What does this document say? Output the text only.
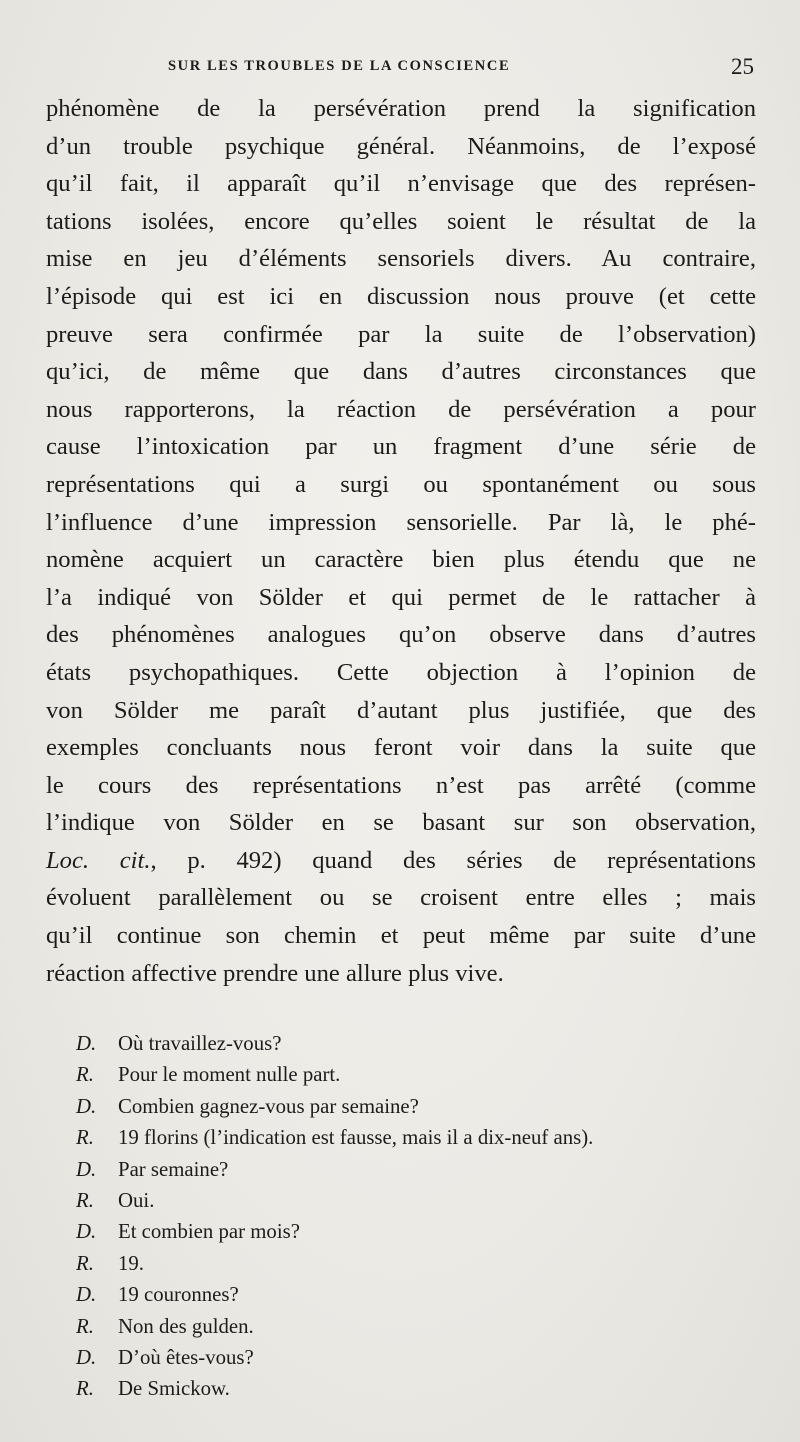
SUR LES TROUBLES DE LA CONSCIENCE	25
phénomène de la persévération prend la signification
d’un trouble psychique général. Néanmoins, de l’exposé
qu’il fait, il apparaît qu’il n’envisage que des représen-
tations isolées, encore qu’elles soient le résultat de la
mise en jeu d’éléments sensoriels divers. Au contraire,
l’épisode qui est ici en discussion nous prouve (et cette
preuve sera confirmée par la suite de l’observation)
qu’ici, de même que dans d’autres circonstances que
nous rapporterons, la réaction de persévération a pour
cause l’intoxication par un fragment d’une série de
représentations qui a surgi ou spontanément ou sous
l’influence d’une impression sensorielle. Par là, le phé-
nomène acquiert un caractère bien plus étendu que ne
l’a indiqué von Sölder et qui permet de le rattacher à
des phénomènes analogues qu’on observe dans d’autres
états psychopathiques. Cette objection à l’opinion de
von Sölder me paraît d’autant plus justifiée, que des
exemples concluants nous feront voir dans la suite que
le cours des représentations n’est pas arrêté (comme
l’indique von Sölder en se basant sur son observation,
Loc. cit., p. 492) quand des séries de représentations
évoluent parallèlement ou se croisent entre elles ; mais
qu’il continue son chemin et peut même par suite d’une
réaction affective prendre une allure plus vive.
D. Où travaillez-vous?
R. Pour le moment nulle part.
D. Combien gagnez-vous par semaine?
R. 19 florins (l’indication est fausse, mais il a dix-neuf ans).
D. Par semaine?
R. Oui.
D. Et combien par mois?
R. 19.
D. 19 couronnes?
R. Non des gulden.
D. D’où êtes-vous?
R. De Smickow.
